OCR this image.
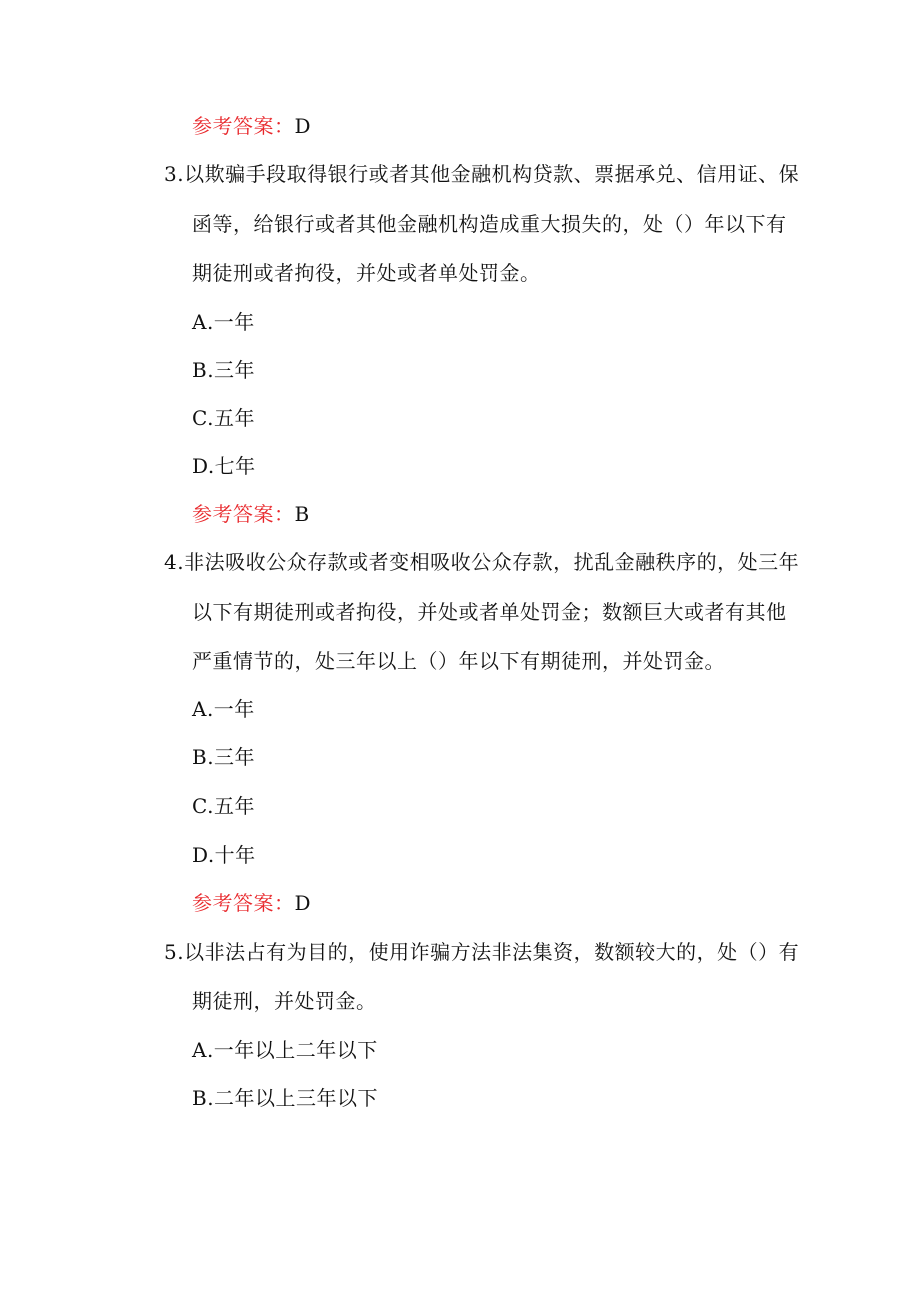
参考答案：D
3.以欺骗手段取得银行或者其他金融机构贷款、票据承兑、信用证、保
函等，给银行或者其他金融机构造成重大损失的，处（）年以下有
期徒刑或者拘役，并处或者单处罚金。
A.一年
B.三年
C.五年
D.七年
参考答案：B
4.非法吸收公众存款或者变相吸收公众存款，扰乱金融秩序的，处三年
以下有期徒刑或者拘役，并处或者单处罚金；数额巨大或者有其他
严重情节的，处三年以上（）年以下有期徒刑，并处罚金。
A.一年
B.三年
C.五年
D.十年
参考答案：D
5.以非法占有为目的，使用诈骗方法非法集资，数额较大的，处（）有
期徒刑，并处罚金。
A.一年以上二年以下
B.二年以上三年以下
